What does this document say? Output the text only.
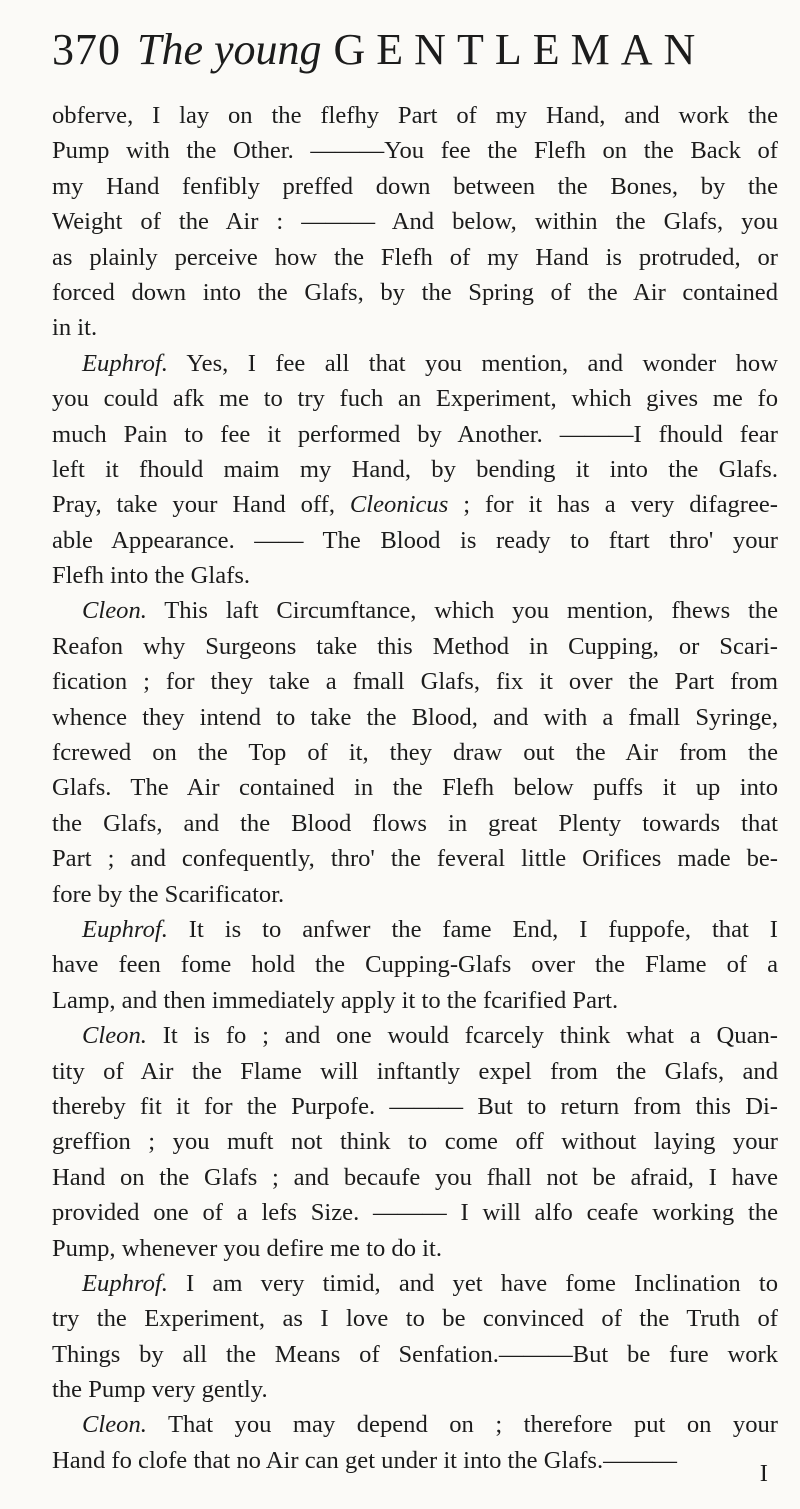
370 The young GENTLEMAN
obferve, I lay on the flefhy Part of my Hand, and work the
Pump with the Other. ———You fee the Flefh on the Back of
my Hand fenfibly preffed down between the Bones, by the
Weight of the Air : ——— And below, within the Glafs, you
as plainly perceive how the Flefh of my Hand is protruded, or
forced down into the Glafs, by the Spring of the Air contained
in it.
Euphrof. Yes, I fee all that you mention, and wonder how
you could afk me to try fuch an Experiment, which gives me fo
much Pain to fee it performed by Another. ———I fhould fear
left it fhould maim my Hand, by bending it into the Glafs.
Pray, take your Hand off, Cleonicus ; for it has a very difagree-
able Appearance. —— The Blood is ready to ftart thro' your
Flefh into the Glafs.
Cleon. This laft Circumftance, which you mention, fhews the
Reafon why Surgeons take this Method in Cupping, or Scari-
fication ; for they take a fmall Glafs, fix it over the Part from
whence they intend to take the Blood, and with a fmall Syringe,
fcrewed on the Top of it, they draw out the Air from the
Glafs. The Air contained in the Flefh below puffs it up into
the Glafs, and the Blood flows in great Plenty towards that
Part ; and confequently, thro' the feveral little Orifices made be-
fore by the Scarificator.
Euphrof. It is to anfwer the fame End, I fuppofe, that I
have feen fome hold the Cupping-Glafs over the Flame of a
Lamp, and then immediately apply it to the fcarified Part.
Cleon. It is fo ; and one would fcarcely think what a Quan-
tity of Air the Flame will inftantly expel from the Glafs, and
thereby fit it for the Purpofe. ——— But to return from this Di-
greffion ; you muft not think to come off without laying your
Hand on the Glafs ; and becaufe you fhall not be afraid, I have
provided one of a lefs Size. ——— I will alfo ceafe working the
Pump, whenever you defire me to do it.
Euphrof. I am very timid, and yet have fome Inclination to
try the Experiment, as I love to be convinced of the Truth of
Things by all the Means of Senfation.———But be fure work
the Pump very gently.
Cleon. That you may depend on ; therefore put on your
Hand fo clofe that no Air can get under it into the Glafs.———	I
